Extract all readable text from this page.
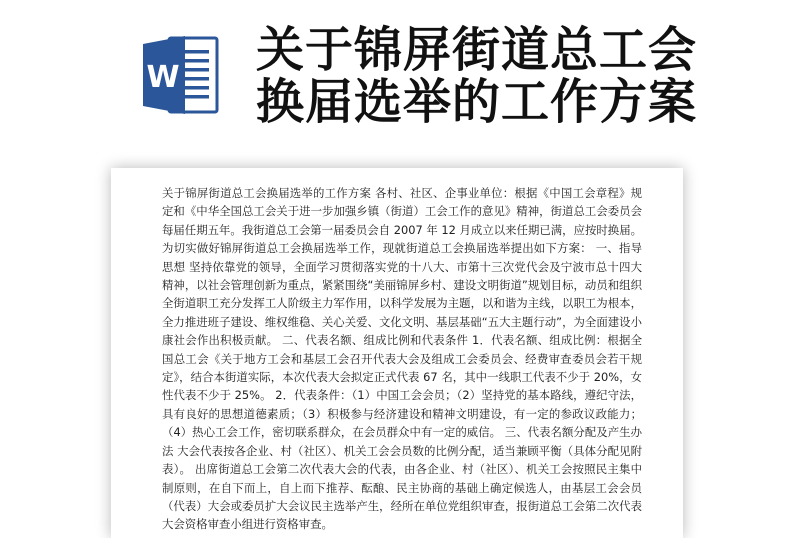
W 关于锦屏街道总工会
换届选举的工作方案
关于锦屏街道总工会换届选举的工作方案 各村、社区、企事业单位：根据《中国工会章程》规定和《中华全国总工会关于进一步加强乡镇（街道）工会工作的意见》精神，街道总工会委员会每届任期五年。我街道总工会第一届委员会自 2007 年 12 月成立以来任期已满，应按时换届。为切实做好锦屏街道总工会换届选举工作，现就街道总工会换届选举提出如下方案： 一、指导思想 坚持依靠党的领导，全面学习贯彻落实党的十八大、市第十三次党代会及宁波市总十四大精神，以社会管理创新为重点，紧紧围绕“美丽锦屏乡村、建设文明街道”规划目标，动员和组织全街道职工充分发挥工人阶级主力军作用，以科学发展为主题，以和谐为主线，以职工为根本，全力推进班子建设、维权维稳、关心关爱、文化文明、基层基础“五大主题行动”，为全面建设小康社会作出积极贡献。 二、代表名额、组成比例和代表条件 1．代表名额、组成比例：根据全国总工会《关于地方工会和基层工会召开代表大会及组成工会委员会、经费审查委员会若干规定》，结合本街道实际，本次代表大会拟定正式代表 67 名，其中一线职工代表不少于 20%，女性代表不少于 25%。 2．代表条件：（1）中国工会会员；（2）坚持党的基本路线，遵纪守法，具有良好的思想道德素质；（3）积极参与经济建设和精神文明建设，有一定的参政议政能力；（4）热心工会工作，密切联系群众，在会员群众中有一定的威信。 三、代表名额分配及产生办法 大会代表按各企业、村（社区）、机关工会会员数的比例分配，适当兼顾平衡（具体分配见附表）。 出席街道总工会第二次代表大会的代表，由各企业、村（社区）、机关工会按照民主集中制原则，在自下而上，自上而下推荐、酝酿、民主协商的基础上确定候选人，由基层工会会员（代表）大会或委员扩大会议民主选举产生，经所在单位党组织审查，报街道总工会第二次代表大会资格审查小组进行资格审查。
